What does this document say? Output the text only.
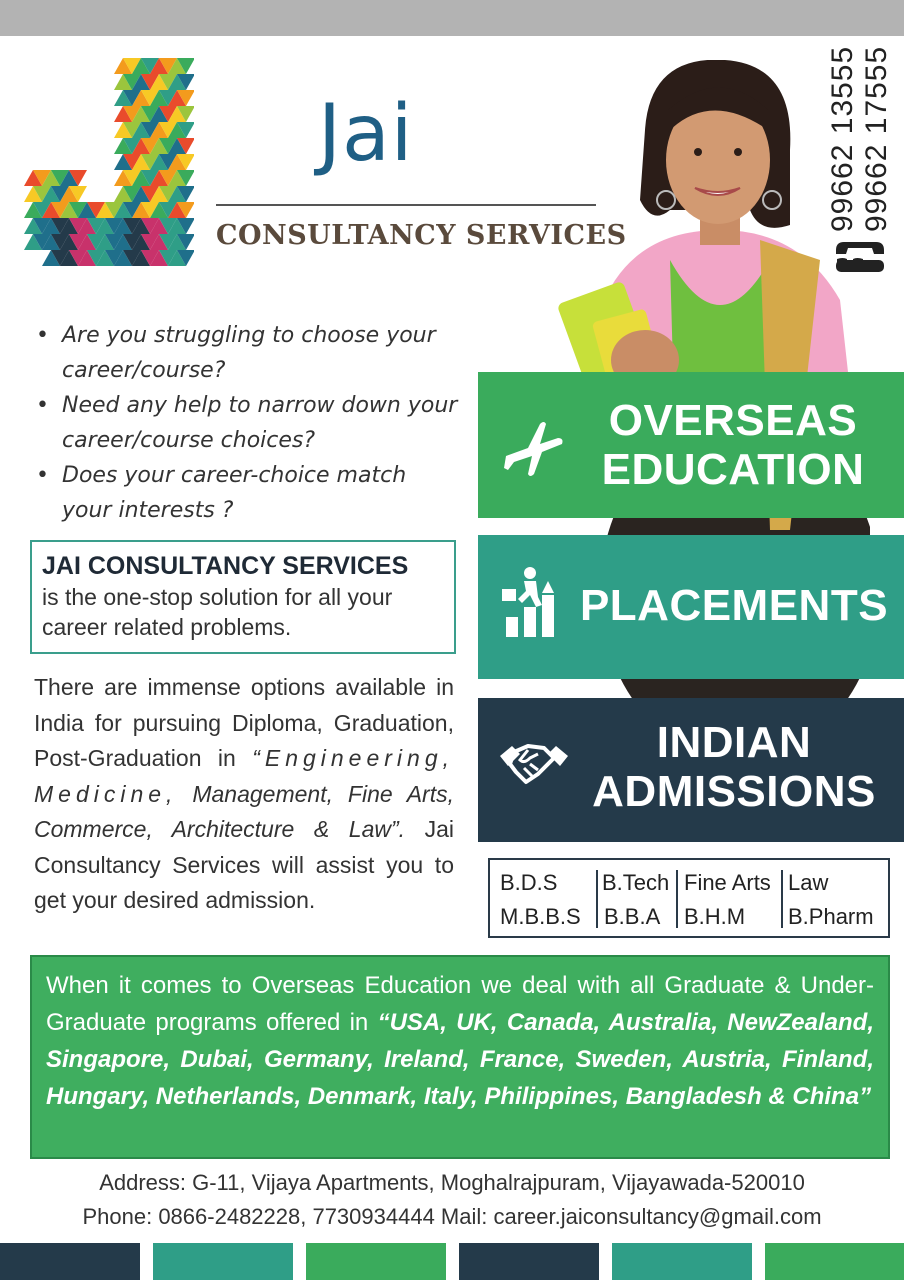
Jai
CONSULTANCY SERVICES
99662 13555 99662 17555
• Are you struggling to choose your career/course?
• Need any help to narrow down your career/course choices?
• Does your career-choice match your interests ?
JAI CONSULTANCY SERVICES
is the one-stop solution for all your career related problems.
There are immense options available in India for pursuing Diploma, Graduation, Post-Graduation in “Engineering, Medicine, Management, Fine Arts, Commerce, Architecture & Law”. Jai Consultancy Services will assist you to get your desired admission.
OVERSEAS EDUCATION
PLACEMENTS
INDIAN ADMISSIONS
B.D.S B.Tech Fine Arts Law
M.B.B.S B.B.A B.H.M B.Pharm
When it comes to Overseas Education we deal with all Graduate & Under-Graduate programs offered in “USA, UK, Canada, Australia, NewZealand, Singapore, Dubai, Germany, Ireland, France, Sweden, Austria, Finland, Hungary, Netherlands, Denmark, Italy, Philippines, Bangladesh & China”
Address: G-11, Vijaya Apartments, Moghalrajpuram, Vijayawada-520010
Phone: 0866-2482228, 7730934444 Mail: career.jaiconsultancy@gmail.com
